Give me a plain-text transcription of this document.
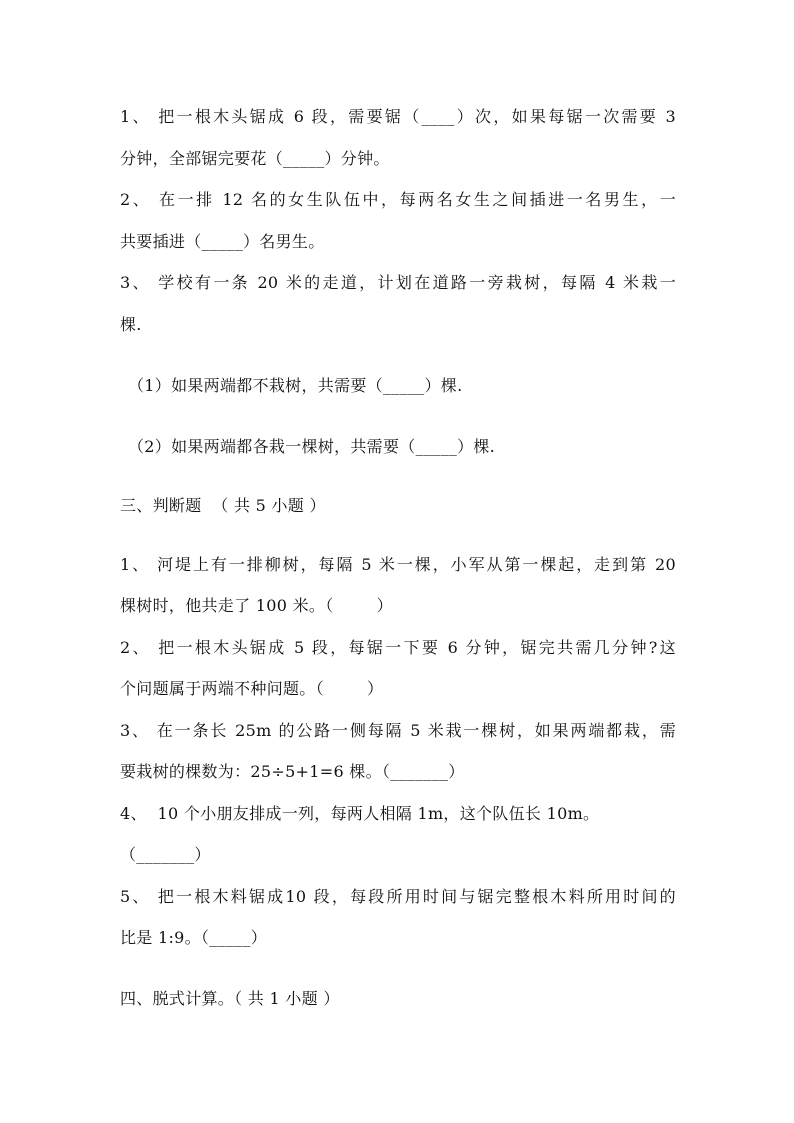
1、 把一根木头锯成 6 段，需要锯（____）次，如果每锯一次需要 3
分钟，全部锯完要花（_____）分钟。
2、 在一排 12 名的女生队伍中，每两名女生之间插进一名男生，一
共要插进（_____）名男生。
3、 学校有一条 20 米的走道，计划在道路一旁栽树，每隔 4 米栽一
棵.
（1）如果两端都不栽树，共需要（_____）棵.
（2）如果两端都各栽一棵树，共需要（_____）棵.
三、判断题  （ 共 5 小题 ）
1、 河堤上有一排柳树，每隔 5 米一棵，小军从第一棵起，走到第 20
棵树时，他共走了 100 米。（        ）
2、 把一根木头锯成 5 段，每锯一下要 6 分钟，锯完共需几分钟?这
个问题属于两端不种问题。（        ）
3、 在一条长 25m 的公路一侧每隔 5 米栽一棵树，如果两端都栽，需
要栽树的棵数为：25÷5+1=6 棵。（_______）
4、  10 个小朋友排成一列，每两人相隔 1m，这个队伍长 10m。
（_______）
5、 把一根木料锯成10 段，每段所用时间与锯完整根木料所用时间的
比是 1:9。（_____）
四、脱式计算。（ 共 1 小题 ）
